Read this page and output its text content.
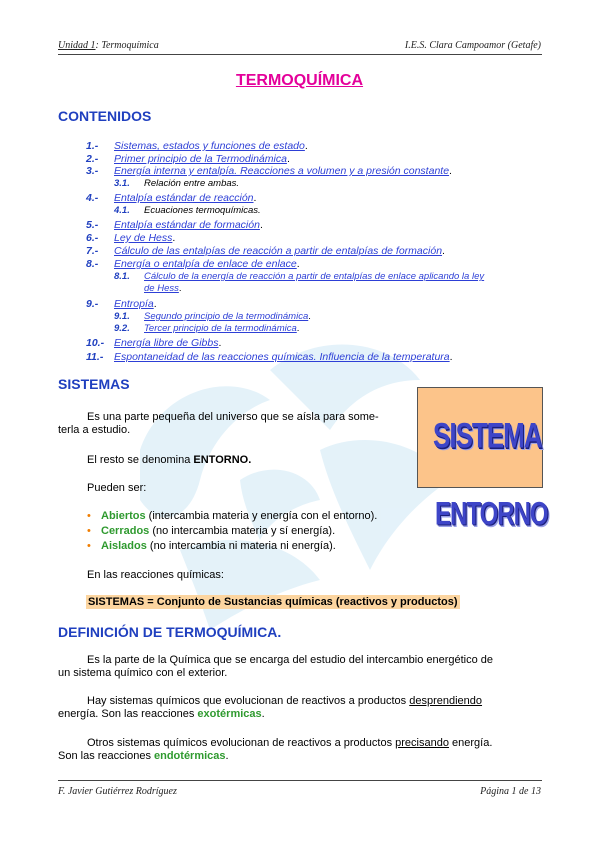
Unidad 1: Termoquímica	I.E.S. Clara Campoamor (Getafe)
TERMOQUÍMICA
CONTENIDOS
1.-	Sistemas, estados y funciones de estado .
2.-	Primer principio de la Termodinámica .
3.-	Energía interna y entalpía. Reacciones a volumen y a presión constante .
3.1.	Relación entre ambas.
4.-	Entalpía estándar de reacción .
4.1.	Ecuaciones termoquímicas.
5.-	Entalpía estándar de formación .
6.-	Ley de Hess .
7.-	Cálculo de las entalpías de reacción a partir de entalpías de formación .
8.-	Energía o entalpía de enlace de enlace .
8.1.	Cálculo de la energía de reacción a partir de entalpías de enlace aplicando la ley
de Hess .
9.-	Entropía .
9.1.	Segundo principio de la termodinámica .
9.2.	Tercer principio de la termodinámica .
10.- Energía libre de Gibbs .
11.-	Espontaneidad de las reacciones químicas. Influencia de la temperatura .
SISTEMAS
Es una parte pequeña del universo que se aísla para some-
terla a estudio.
El resto se denomina ENTORNO.
Pueden ser:
• Abiertos (intercambia materia y energía con el entorno).
• Cerrados (no intercambia materia y sí energía).
• Aislados (no intercambia ni materia ni energía).
En las reacciones químicas:
SISTEMAS = Conjunto de Sustancias químicas (reactivos y productos)
SISTEMA
ENTORNO
DEFINICIÓN DE TERMOQUÍMICA.
Es la parte de la Química que se encarga del estudio del intercambio energético de
un sistema químico con el exterior.
Hay sistemas químicos que evolucionan de reactivos a productos desprendiendo
energía. Son las reacciones exotérmicas.
Otros sistemas químicos evolucionan de reactivos a productos precisando energía.
Son las reacciones endotérmicas.
F. Javier Gutiérrez Rodríguez	Página 1 de 13
